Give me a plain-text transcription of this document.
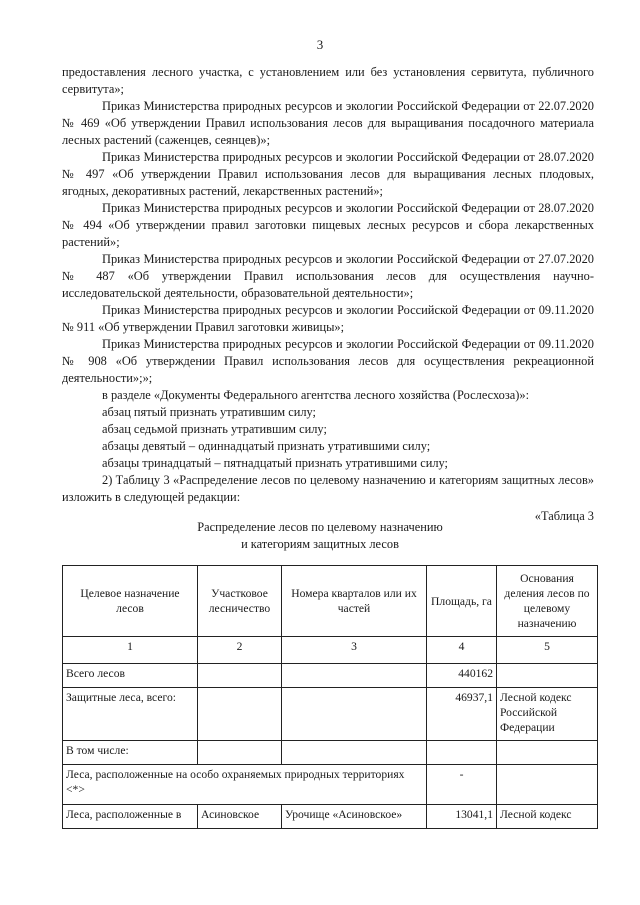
3

предоставления лесного участка, с установлением или без установления сервитута, публичного сервитута»;

Приказ Министерства природных ресурсов и экологии Российской Федерации от 22.07.2020 № 469 «Об утверждении Правил использования лесов для выращивания посадочного материала лесных растений (саженцев, сеянцев)»;

Приказ Министерства природных ресурсов и экологии Российской Федерации от 28.07.2020 № 497 «Об утверждении Правил использования лесов для выращивания лесных плодовых, ягодных, декоративных растений, лекарственных растений»;

Приказ Министерства природных ресурсов и экологии Российской Федерации от 28.07.2020 № 494 «Об утверждении правил заготовки пищевых лесных ресурсов и сбора лекарственных растений»;

Приказ Министерства природных ресурсов и экологии Российской Федерации от 27.07.2020 № 487 «Об утверждении Правил использования лесов для осуществления научно-исследовательской деятельности, образовательной деятельности»;

Приказ Министерства природных ресурсов и экологии Российской Федерации от 09.11.2020 № 911 «Об утверждении Правил заготовки живицы»;

Приказ Министерства природных ресурсов и экологии Российской Федерации от 09.11.2020 № 908 «Об утверждении Правил использования лесов для осуществления рекреационной деятельности»;»;

в разделе «Документы Федерального агентства лесного хозяйства (Рослесхоза)»:

абзац пятый признать утратившим силу;

абзац седьмой признать утратившим силу;

абзацы девятый – одиннадцатый признать утратившими силу;

абзацы тринадцатый – пятнадцатый признать утратившими силу;

2) Таблицу 3 «Распределение лесов по целевому назначению и категориям защитных лесов» изложить в следующей редакции:

«Таблица 3

Распределение лесов по целевому назначению
и категориям защитных лесов
Целевое назначение лесов	Участковое лесничество	Номера кварталов или их частей	Площадь, га	Основания деления лесов по целевому назначению
1	2	3	4	5
Всего лесов			440162	
Защитные леса, всего:			46937,1	Лесной кодекс Российской Федерации
В том числе:				
Леса, расположенные на особо охраняемых природных территориях <*>			-	
Леса, расположенные в	Асиновское	Урочище «Асиновское»	13041,1	Лесной кодекс
